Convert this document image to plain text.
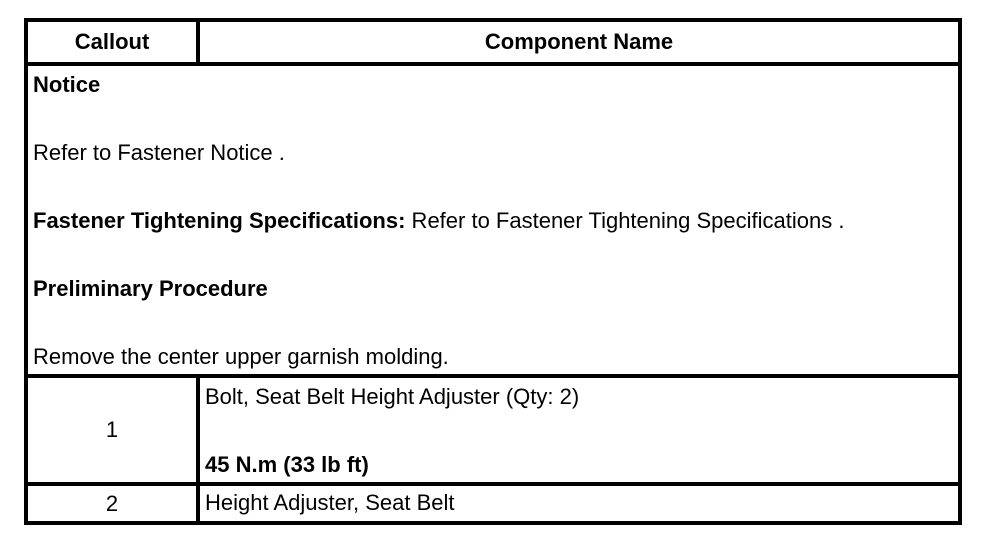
Callout	Component Name

Notice

Refer to Fastener Notice .

Fastener Tightening Specifications: Refer to Fastener Tightening Specifications .

Preliminary Procedure

Remove the center upper garnish molding.

1

Bolt, Seat Belt Height Adjuster (Qty: 2)

45 N.m (33 lb ft)

2	Height Adjuster, Seat Belt
